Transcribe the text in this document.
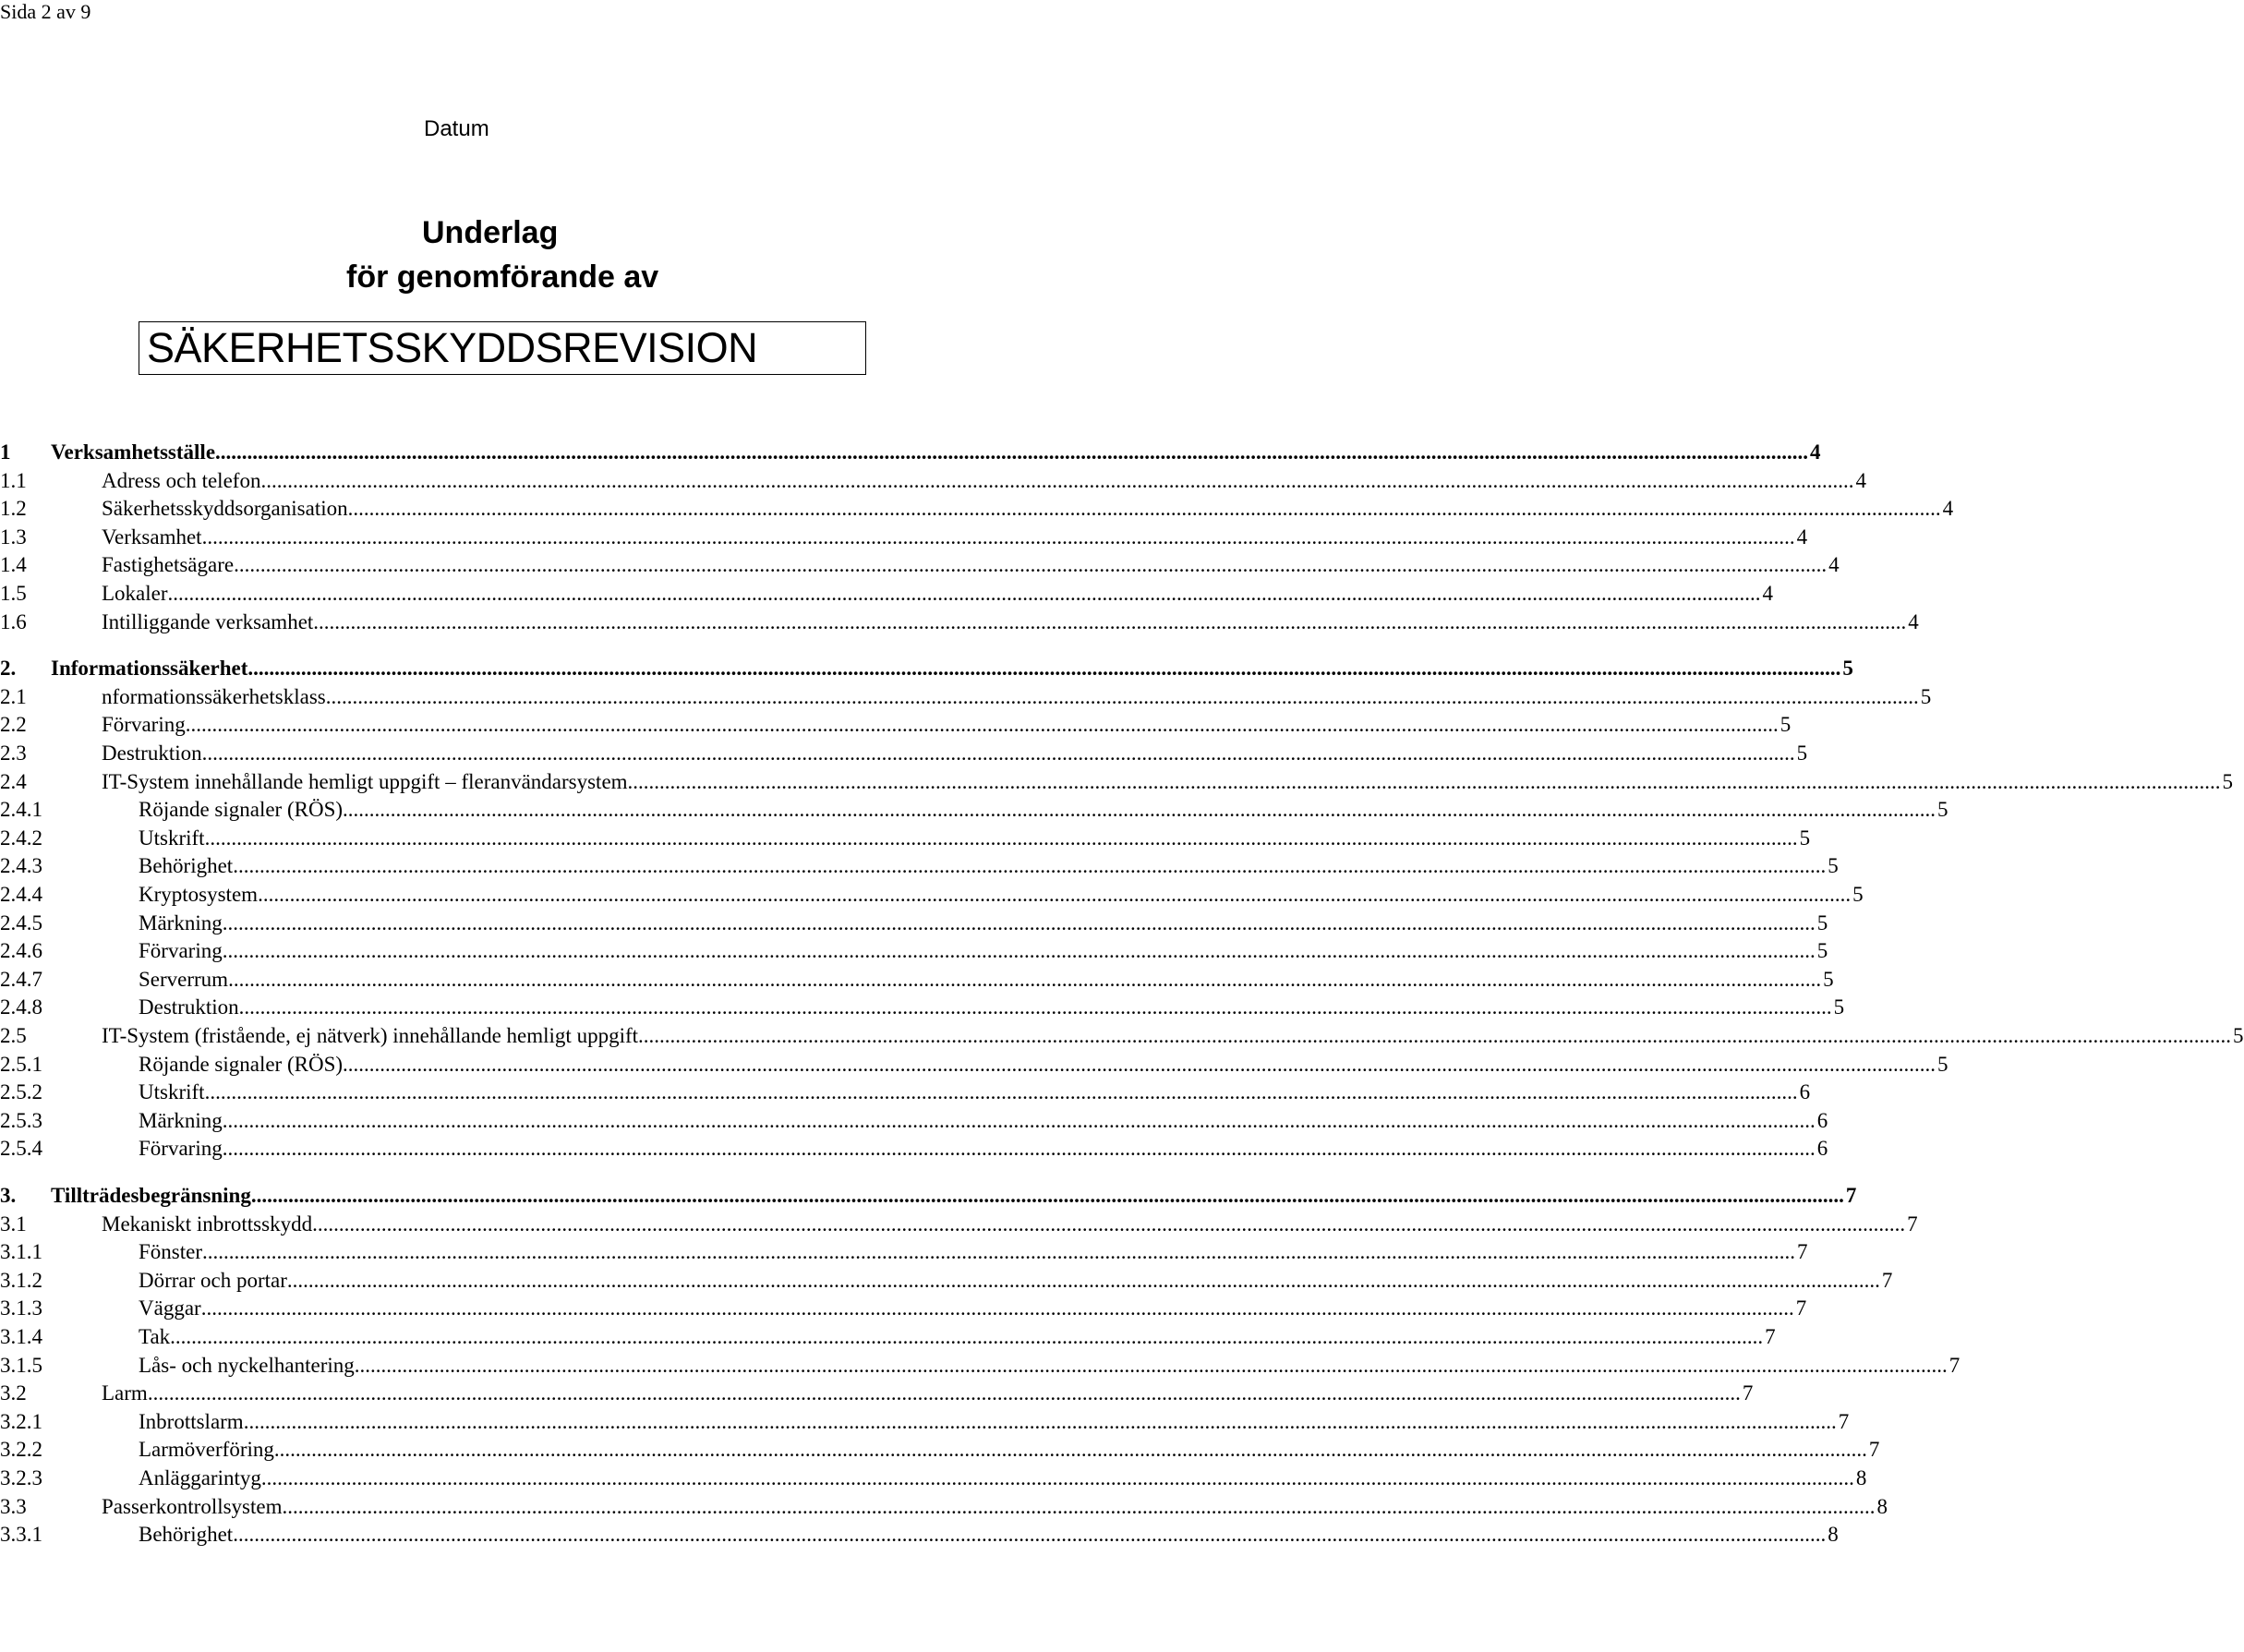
Sida 2 av 9
Datum
Underlag
för genomförande av
SÄKERHETSSKYDDSREVISION
1 Verksamhetsställe ............................................................................................................................................................................................................................................................................................................ 4
1.1	Adress och telefon ............................................................................................................................................................................................................................................................................................................ 4
1.2	Säkerhetsskyddsorganisation ............................................................................................................................................................................................................................................................................................................ 4
1.3	Verksamhet ............................................................................................................................................................................................................................................................................................................ 4
1.4	Fastighetsägare ............................................................................................................................................................................................................................................................................................................ 4
1.5	Lokaler ............................................................................................................................................................................................................................................................................................................ 4
1.6	Intilliggande verksamhet ............................................................................................................................................................................................................................................................................................................ 4
2. Informationssäkerhet ............................................................................................................................................................................................................................................................................................................ 5
2.1	nformationssäkerhetsklass ............................................................................................................................................................................................................................................................................................................ 5
2.2	Förvaring ............................................................................................................................................................................................................................................................................................................ 5
2.3	Destruktion ............................................................................................................................................................................................................................................................................................................ 5
2.4	IT-System innehållande hemligt uppgift – fleranvändarsystem ............................................................................................................................................................................................................................................................................................................ 5
2.4.1	Röjande signaler (RÖS) ............................................................................................................................................................................................................................................................................................................ 5
2.4.2	Utskrift ............................................................................................................................................................................................................................................................................................................ 5
2.4.3	Behörighet ............................................................................................................................................................................................................................................................................................................ 5
2.4.4	Kryptosystem ............................................................................................................................................................................................................................................................................................................ 5
2.4.5	Märkning ............................................................................................................................................................................................................................................................................................................ 5
2.4.6	Förvaring ............................................................................................................................................................................................................................................................................................................ 5
2.4.7	Serverrum ............................................................................................................................................................................................................................................................................................................ 5
2.4.8	Destruktion ............................................................................................................................................................................................................................................................................................................ 5
2.5	IT-System (fristående, ej nätverk) innehållande hemligt uppgift ............................................................................................................................................................................................................................................................................................................ 5
2.5.1	Röjande signaler (RÖS) ............................................................................................................................................................................................................................................................................................................ 5
2.5.2	Utskrift ............................................................................................................................................................................................................................................................................................................ 6
2.5.3	Märkning ............................................................................................................................................................................................................................................................................................................ 6
2.5.4	Förvaring ............................................................................................................................................................................................................................................................................................................ 6
3. Tillträdesbegränsning ............................................................................................................................................................................................................................................................................................................ 7
3.1	Mekaniskt inbrottsskydd ............................................................................................................................................................................................................................................................................................................ 7
3.1.1	Fönster ............................................................................................................................................................................................................................................................................................................ 7
3.1.2	Dörrar och portar ............................................................................................................................................................................................................................................................................................................ 7
3.1.3	Väggar ............................................................................................................................................................................................................................................................................................................ 7
3.1.4	Tak ............................................................................................................................................................................................................................................................................................................ 7
3.1.5	Lås- och nyckelhantering ............................................................................................................................................................................................................................................................................................................ 7
3.2	Larm ............................................................................................................................................................................................................................................................................................................ 7
3.2.1	Inbrottslarm ............................................................................................................................................................................................................................................................................................................ 7
3.2.2	Larmöverföring ............................................................................................................................................................................................................................................................................................................ 7
3.2.3	Anläggarintyg ............................................................................................................................................................................................................................................................................................................ 8
3.3	Passerkontrollsystem ............................................................................................................................................................................................................................................................................................................ 8
3.3.1	Behörighet ............................................................................................................................................................................................................................................................................................................ 8
